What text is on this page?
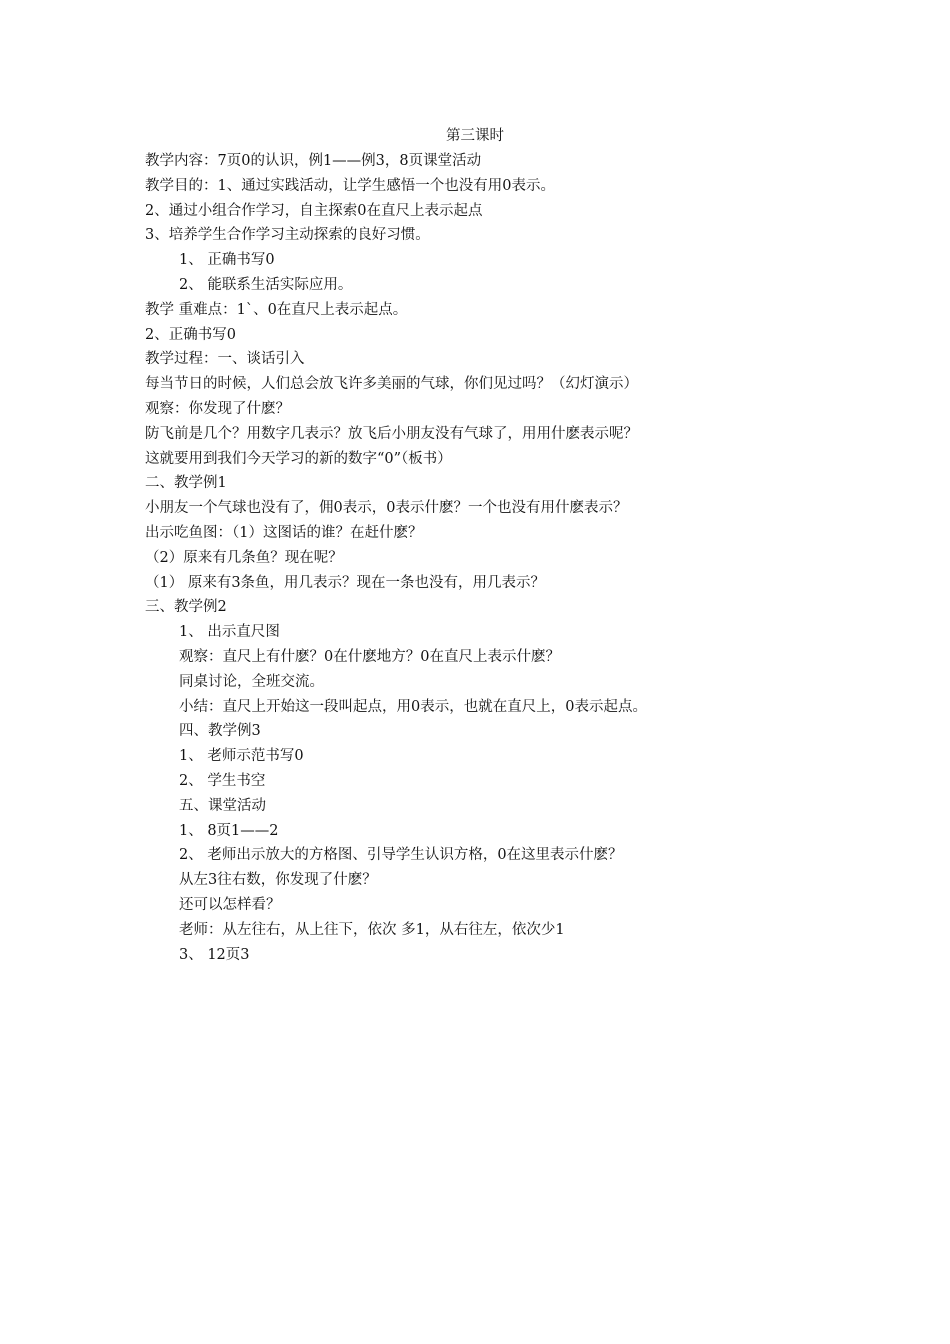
第三课时
教学内容：7页0的认识，例1——例3，8页课堂活动
教学目的：1、通过实践活动，让学生感悟一个也没有用0表示。
2、通过小组合作学习，自主探索0在直尺上表示起点
3、培养学生合作学习主动探索的良好习惯。
1、 正确书写0
2、 能联系生活实际应用。
教学 重难点：1`、0在直尺上表示起点。
2、正确书写0
教学过程：一、谈话引入
每当节日的时候，人们总会放飞许多美丽的气球，你们见过吗？（幻灯演示）
观察：你发现了什麽？
防飞前是几个？用数字几表示？放飞后小朋友没有气球了，用用什麽表示呢？
这就要用到我们今天学习的新的数字“0”（板书）
二、教学例1
小朋友一个气球也没有了，佣0表示，0表示什麽？一个也没有用什麽表示？
出示吃鱼图：（1）这图话的谁？在赶什麽？
（2）原来有几条鱼？现在呢？
（1） 原来有3条鱼，用几表示？现在一条也没有，用几表示？
三、教学例2
1、 出示直尺图
观察：直尺上有什麽？0在什麽地方？0在直尺上表示什麽？
同桌讨论，全班交流。
小结：直尺上开始这一段叫起点，用0表示，也就在直尺上，0表示起点。
四、教学例3
1、 老师示范书写0
2、 学生书空
五、课堂活动
1、 8页1——2
2、 老师出示放大的方格图、引导学生认识方格，0在这里表示什麽？
从左3往右数，你发现了什麽？
还可以怎样看？
老师：从左往右，从上往下，依次 多1，从右往左，依次少1
3、 12页3
